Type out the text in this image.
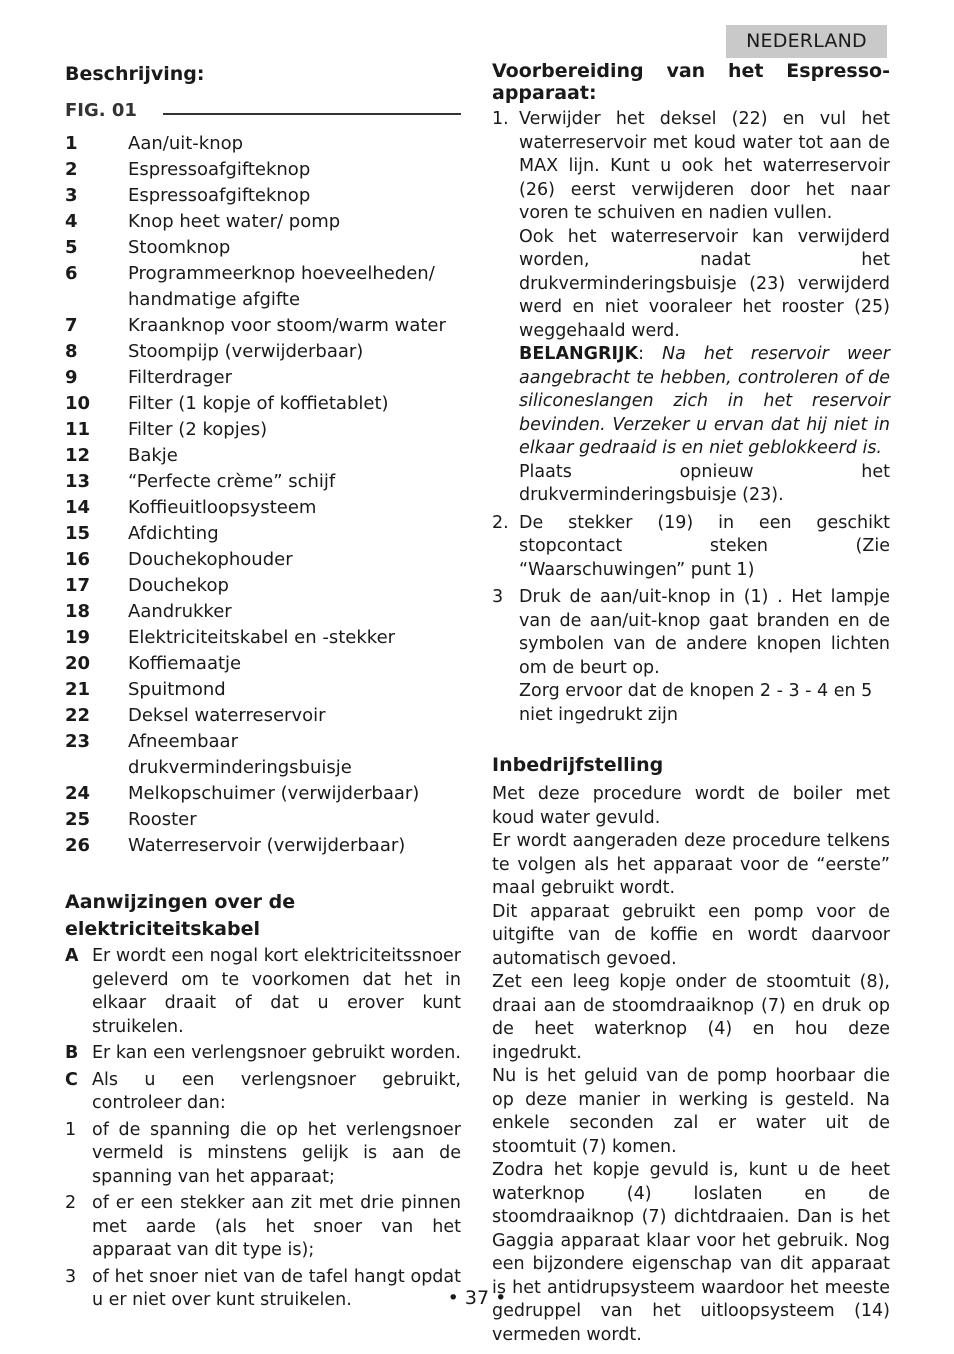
NEDERLAND
Beschrijving:
FIG. 01
1	Aan/uit-knop
2	Espressoafgifteknop
3	Espressoafgifteknop
4	Knop heet water/ pomp
5	Stoomknop
6	Programmeerknop hoeveelheden/ handmatige afgifte
7	Kraanknop voor stoom/warm water
8	Stoompijp (verwijderbaar)
9	Filterdrager
10	Filter (1 kopje of koffietablet)
11	Filter (2 kopjes)
12	Bakje
13	“Perfecte crème” schijf
14	Koffieuitloopsysteem
15	Afdichting
16	Douchekophouder
17	Douchekop
18	Aandrukker
19	Elektriciteitskabel en -stekker
20	Koffiemaatje
21	Spuitmond
22	Deksel waterreservoir
23	Afneembaar drukverminderingsbuisje
24	Melkopschuimer (verwijderbaar)
25	Rooster
26	Waterreservoir (verwijderbaar)
Aanwijzingen over de
elektriciteitskabel
A Er wordt een nogal kort elektriciteitssnoer geleverd om te voorkomen dat het in elkaar draait of dat u erover kunt struikelen.
B Er kan een verlengsnoer gebruikt worden.
C Als u een verlengsnoer gebruikt, controleer dan:
1 of de spanning die op het verlengsnoer vermeld is minstens gelijk is aan de spanning van het apparaat;
2 of er een stekker aan zit met drie pinnen met aarde (als het snoer van het apparaat van dit type is);
3 of het snoer niet van de tafel hangt opdat u er niet over kunt struikelen.
Voorbereiding van het Espresso-apparaat:
1. Verwijder het deksel (22) en vul het waterreservoir met koud water tot aan de MAX lijn. Kunt u ook het waterreservoir (26) eerst verwijderen door het naar voren te schuiven en nadien vullen.
Ook het waterreservoir kan verwijderd worden, nadat het drukverminderingsbuisje (23) verwijderd werd en niet vooraleer het rooster (25) weggehaald werd.
BELANGRIJK: Na het reservoir weer aangebracht te hebben, controleren of de siliconeslangen zich in het reservoir bevinden. Verzeker u ervan dat hij niet in elkaar gedraaid is en niet geblokkeerd is.
Plaats opnieuw het drukverminderingsbuisje (23).
2. De stekker (19) in een geschikt stopcontact steken (Zie “Waarschuwingen” punt 1)
3 Druk de aan/uit-knop in (1) . Het lampje van de aan/uit-knop gaat branden en de symbolen van de andere knopen lichten om de beurt op.
Zorg ervoor dat de knopen 2 - 3 - 4 en 5 niet ingedrukt zijn
Inbedrijfstelling
Met deze procedure wordt de boiler met koud water gevuld.
Er wordt aangeraden deze procedure telkens te volgen als het apparaat voor de “eerste” maal gebruikt wordt.
Dit apparaat gebruikt een pomp voor de uitgifte van de koffie en wordt daarvoor automatisch gevoed.
Zet een leeg kopje onder de stoomtuit (8), draai aan de stoomdraaiknop (7) en druk op de heet waterknop (4) en hou deze ingedrukt.
Nu is het geluid van de pomp hoorbaar die op deze manier in werking is gesteld. Na enkele seconden zal er water uit de stoomtuit (7) komen.
Zodra het kopje gevuld is, kunt u de heet waterknop (4) loslaten en de stoomdraaiknop (7) dichtdraaien. Dan is het Gaggia apparaat klaar voor het gebruik. Nog een bijzondere eigenschap van dit apparaat is het antidrupsysteem waardoor het meeste gedruppel van het uitloopsysteem (14) vermeden wordt.
• 37 •
